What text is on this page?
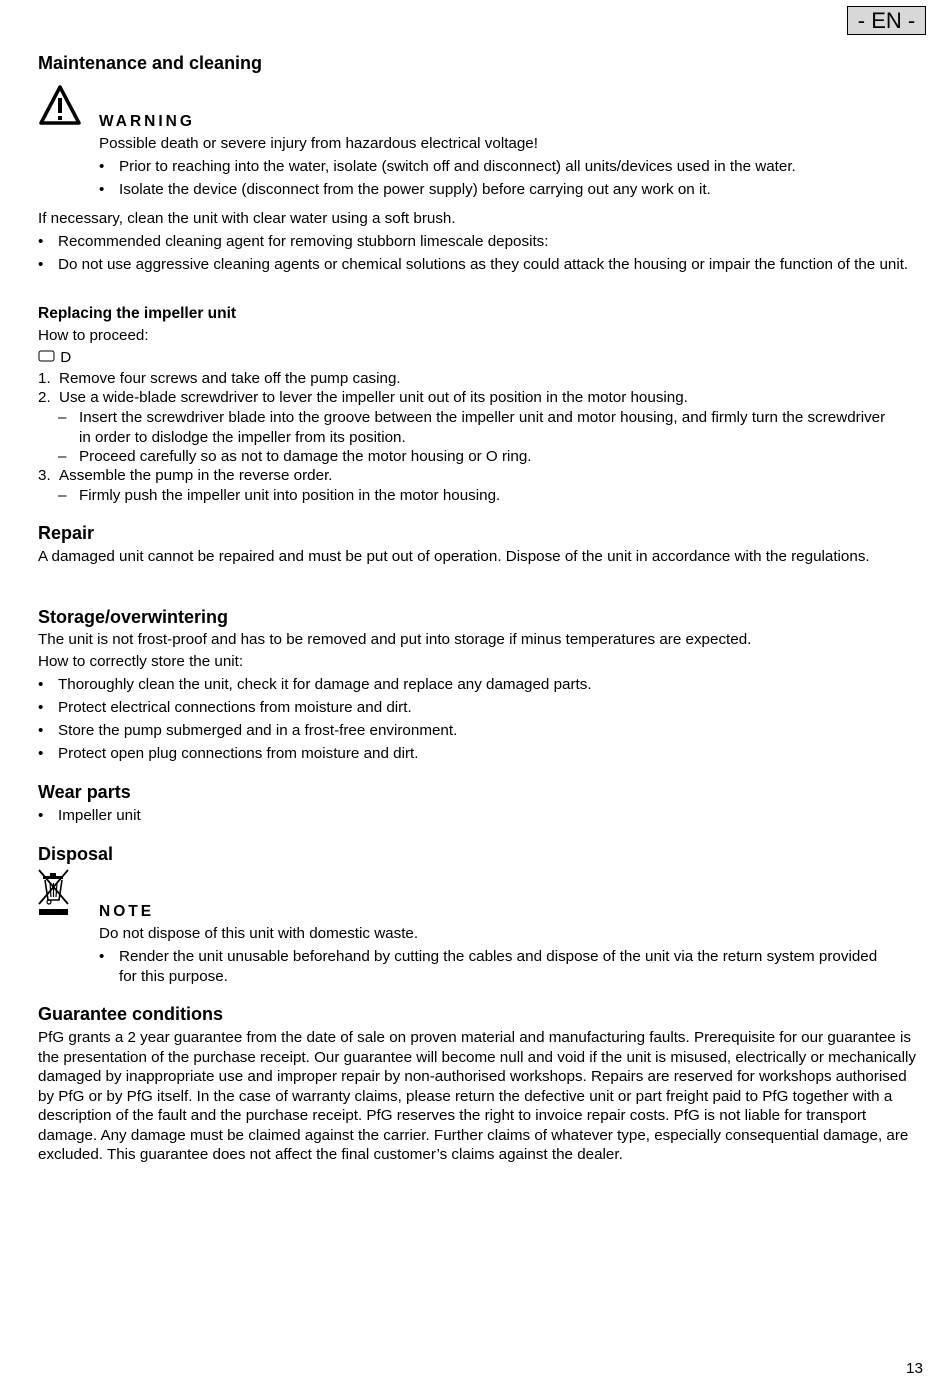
- EN -
Maintenance and cleaning
WARNING
Possible death or severe injury from hazardous electrical voltage!
• Prior to reaching into the water, isolate (switch off and disconnect) all units/devices used in the water.
• Isolate the device (disconnect from the power supply) before carrying out any work on it.
If necessary, clean the unit with clear water using a soft brush.
• Recommended cleaning agent for removing stubborn limescale deposits:
• Do not use aggressive cleaning agents or chemical solutions as they could attack the housing or impair the function of the unit.
Replacing the impeller unit
How to proceed:
D
1. Remove four screws and take off the pump casing.
2. Use a wide-blade screwdriver to lever the impeller unit out of its position in the motor housing.
– Insert the screwdriver blade into the groove between the impeller unit and motor housing, and firmly turn the screwdriver in order to dislodge the impeller from its position.
– Proceed carefully so as not to damage the motor housing or O ring.
3. Assemble the pump in the reverse order.
– Firmly push the impeller unit into position in the motor housing.
Repair
A damaged unit cannot be repaired and must be put out of operation. Dispose of the unit in accordance with the regulations.
Storage/overwintering
The unit is not frost-proof and has to be removed and put into storage if minus temperatures are expected.
How to correctly store the unit:
• Thoroughly clean the unit, check it for damage and replace any damaged parts.
• Protect electrical connections from moisture and dirt.
• Store the pump submerged and in a frost-free environment.
• Protect open plug connections from moisture and dirt.
Wear parts
• Impeller unit
Disposal
NOTE
Do not dispose of this unit with domestic waste.
• Render the unit unusable beforehand by cutting the cables and dispose of the unit via the return system provided for this purpose.
Guarantee conditions
PfG grants a 2 year guarantee from the date of sale on proven material and manufacturing faults. Prerequisite for our guarantee is the presentation of the purchase receipt. Our guarantee will become null and void if the unit is misused, electrically or mechanically damaged by inappropriate use and improper repair by non-authorised workshops. Repairs are reserved for workshops authorised by PfG or by PfG itself. In the case of warranty claims, please return the defective unit or part freight paid to PfG together with a description of the fault and the purchase receipt. PfG reserves the right to invoice repair costs. PfG is not liable for transport damage. Any damage must be claimed against the carrier. Further claims of whatever type, especially consequential damage, are excluded. This guarantee does not affect the final customer’s claims against the dealer.
13
